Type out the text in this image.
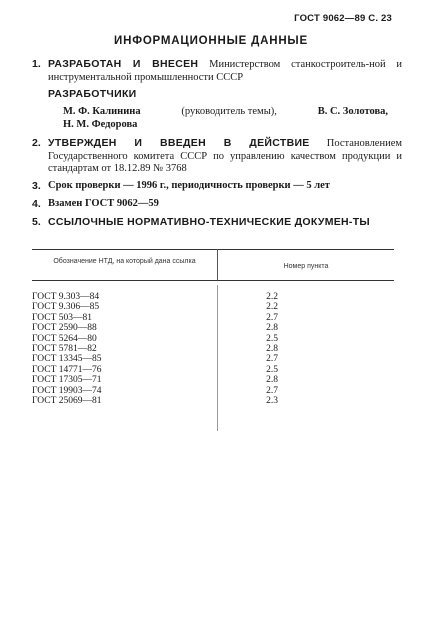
ГОСТ 9062—89 С. 23
ИНФОРМАЦИОННЫЕ ДАННЫЕ
1. РАЗРАБОТАН И ВНЕСЕН Министерством станкостроитель-ной и инструментальной промышленности СССР
РАЗРАБОТЧИКИ
М. Ф. Калинина	(руководитель темы),	В. С. Золотова,
Н. М. Федорова
2. УТВЕРЖДЕН И ВВЕДЕН В ДЕЙСТВИЕ Постановлением Государственного комитета СССР по управлению качеством продукции и стандартам от 18.12.89 № 3768
3. Срок проверки — 1996 г., периодичность проверки — 5 лет
4. Взамен ГОСТ 9062—59
5. ССЫЛОЧНЫЕ НОРМАТИВНО-ТЕХНИЧЕСКИЕ ДОКУМЕН-ТЫ
Обозначение НТД, на который дана ссылка
Номер пункта
ГОСТ 9.303—84	2.2
ГОСТ 9.306—85	2.2
ГОСТ 503—81	2.7
ГОСТ 2590—88	2.8
ГОСТ 5264—80	2.5
ГОСТ 5781—82	2.8
ГОСТ 13345—85	2.7
ГОСТ 14771—76	2.5
ГОСТ 17305—71	2.8
ГОСТ 19903—74	2.7
ГОСТ 25069—81	2.3
